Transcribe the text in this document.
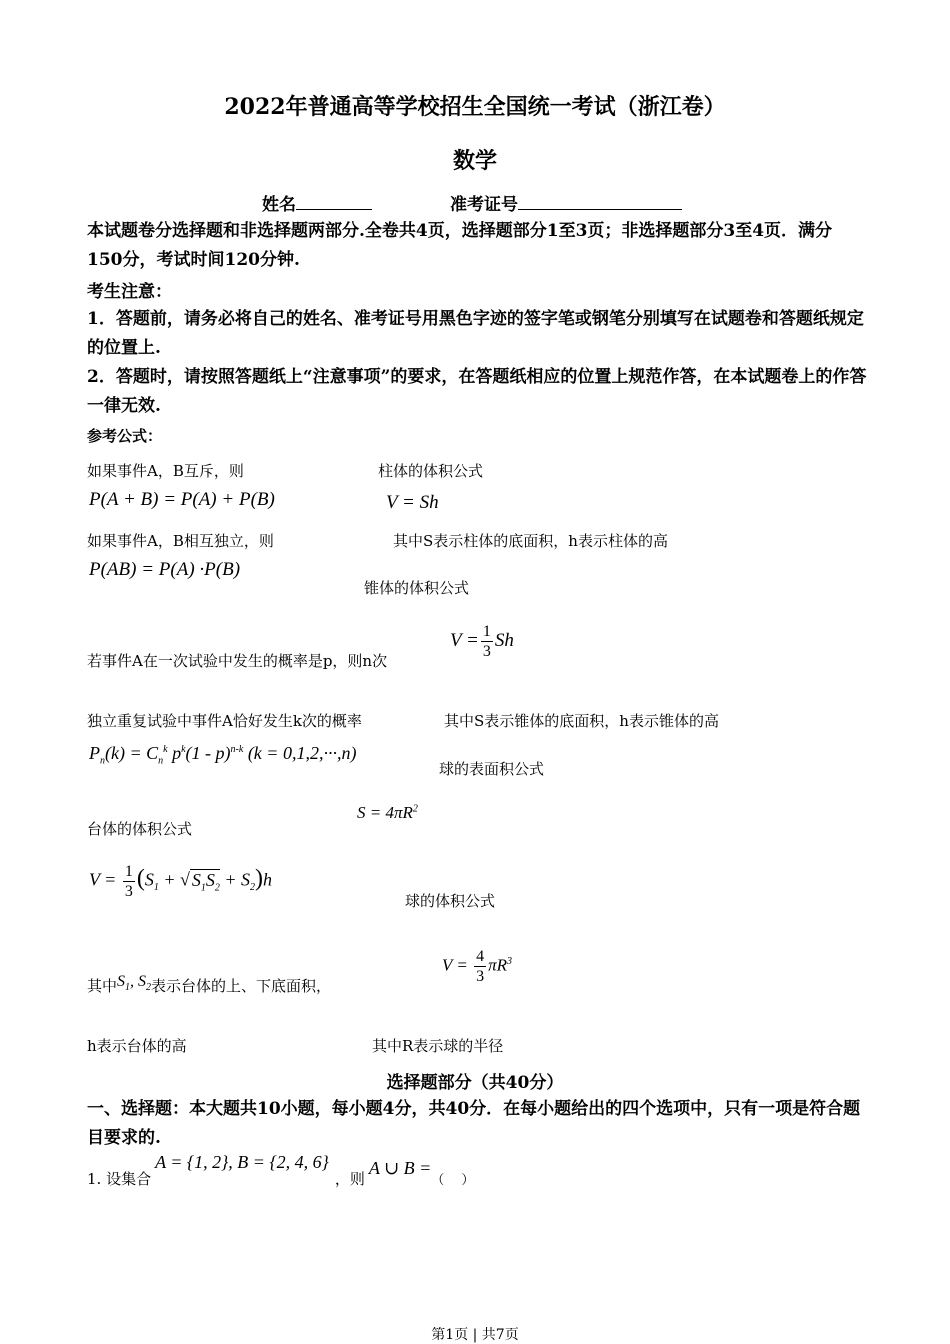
2022年普通高等学校招生全国统一考试（浙江卷）
数学
姓名	准考证号
本试题卷分选择题和非选择题两部分.全卷共4页，选择题部分1至3页；非选择题部分3至4页．满分150分，考试时间120分钟.
考生注意：
1．答题前，请务必将自己的姓名、准考证号用黑色字迹的签字笔或钢笔分别填写在试题卷和答题纸规定的位置上.
2．答题时，请按照答题纸上“注意事项”的要求，在答题纸相应的位置上规范作答，在本试题卷上的作答一律无效.
参考公式：
如果事件A，B互斥，则	柱体的体积公式
P(A + B) = P(A) + P(B)	V = Sh
如果事件A，B相互独立，则	其中S表示柱体的底面积，h表示柱体的高
P(AB) = P(A) ·P(B)
锥体的体积公式
若事件A在一次试验中发生的概率是p，则n次
$V = \frac{1}{3}$ Sh
独立重复试验中事件A恰好发生k次的概率	其中S表示锥体的底面积，h表示锥体的高
$P_n(k) = C_n^k$ $p^k(1 - p)^{n-k}$ (k = 0,1,2,···,n)
球的表面积公式
$S = 4\pi R^2$
台体的体积公式
$V = \frac{1}{3} (S_1$ + √ $S_1S_2 + S_2)h$
球的体积公式
$V = \frac{4}{3} \pi R^3$
其中$S_1$, $S_2$表示台体的上、下底面积，
h表示台体的高	其中R表示球的半径
选择题部分（共40分）
一、选择题：本大题共10小题，每小题4分，共40分．在每小题给出的四个选项中，只有一项是符合题目要求的.
1. 设集合A = {1, 2}, B = {2, 4, 6}，则A ∪ B =（　 ）
第1页 | 共7页
